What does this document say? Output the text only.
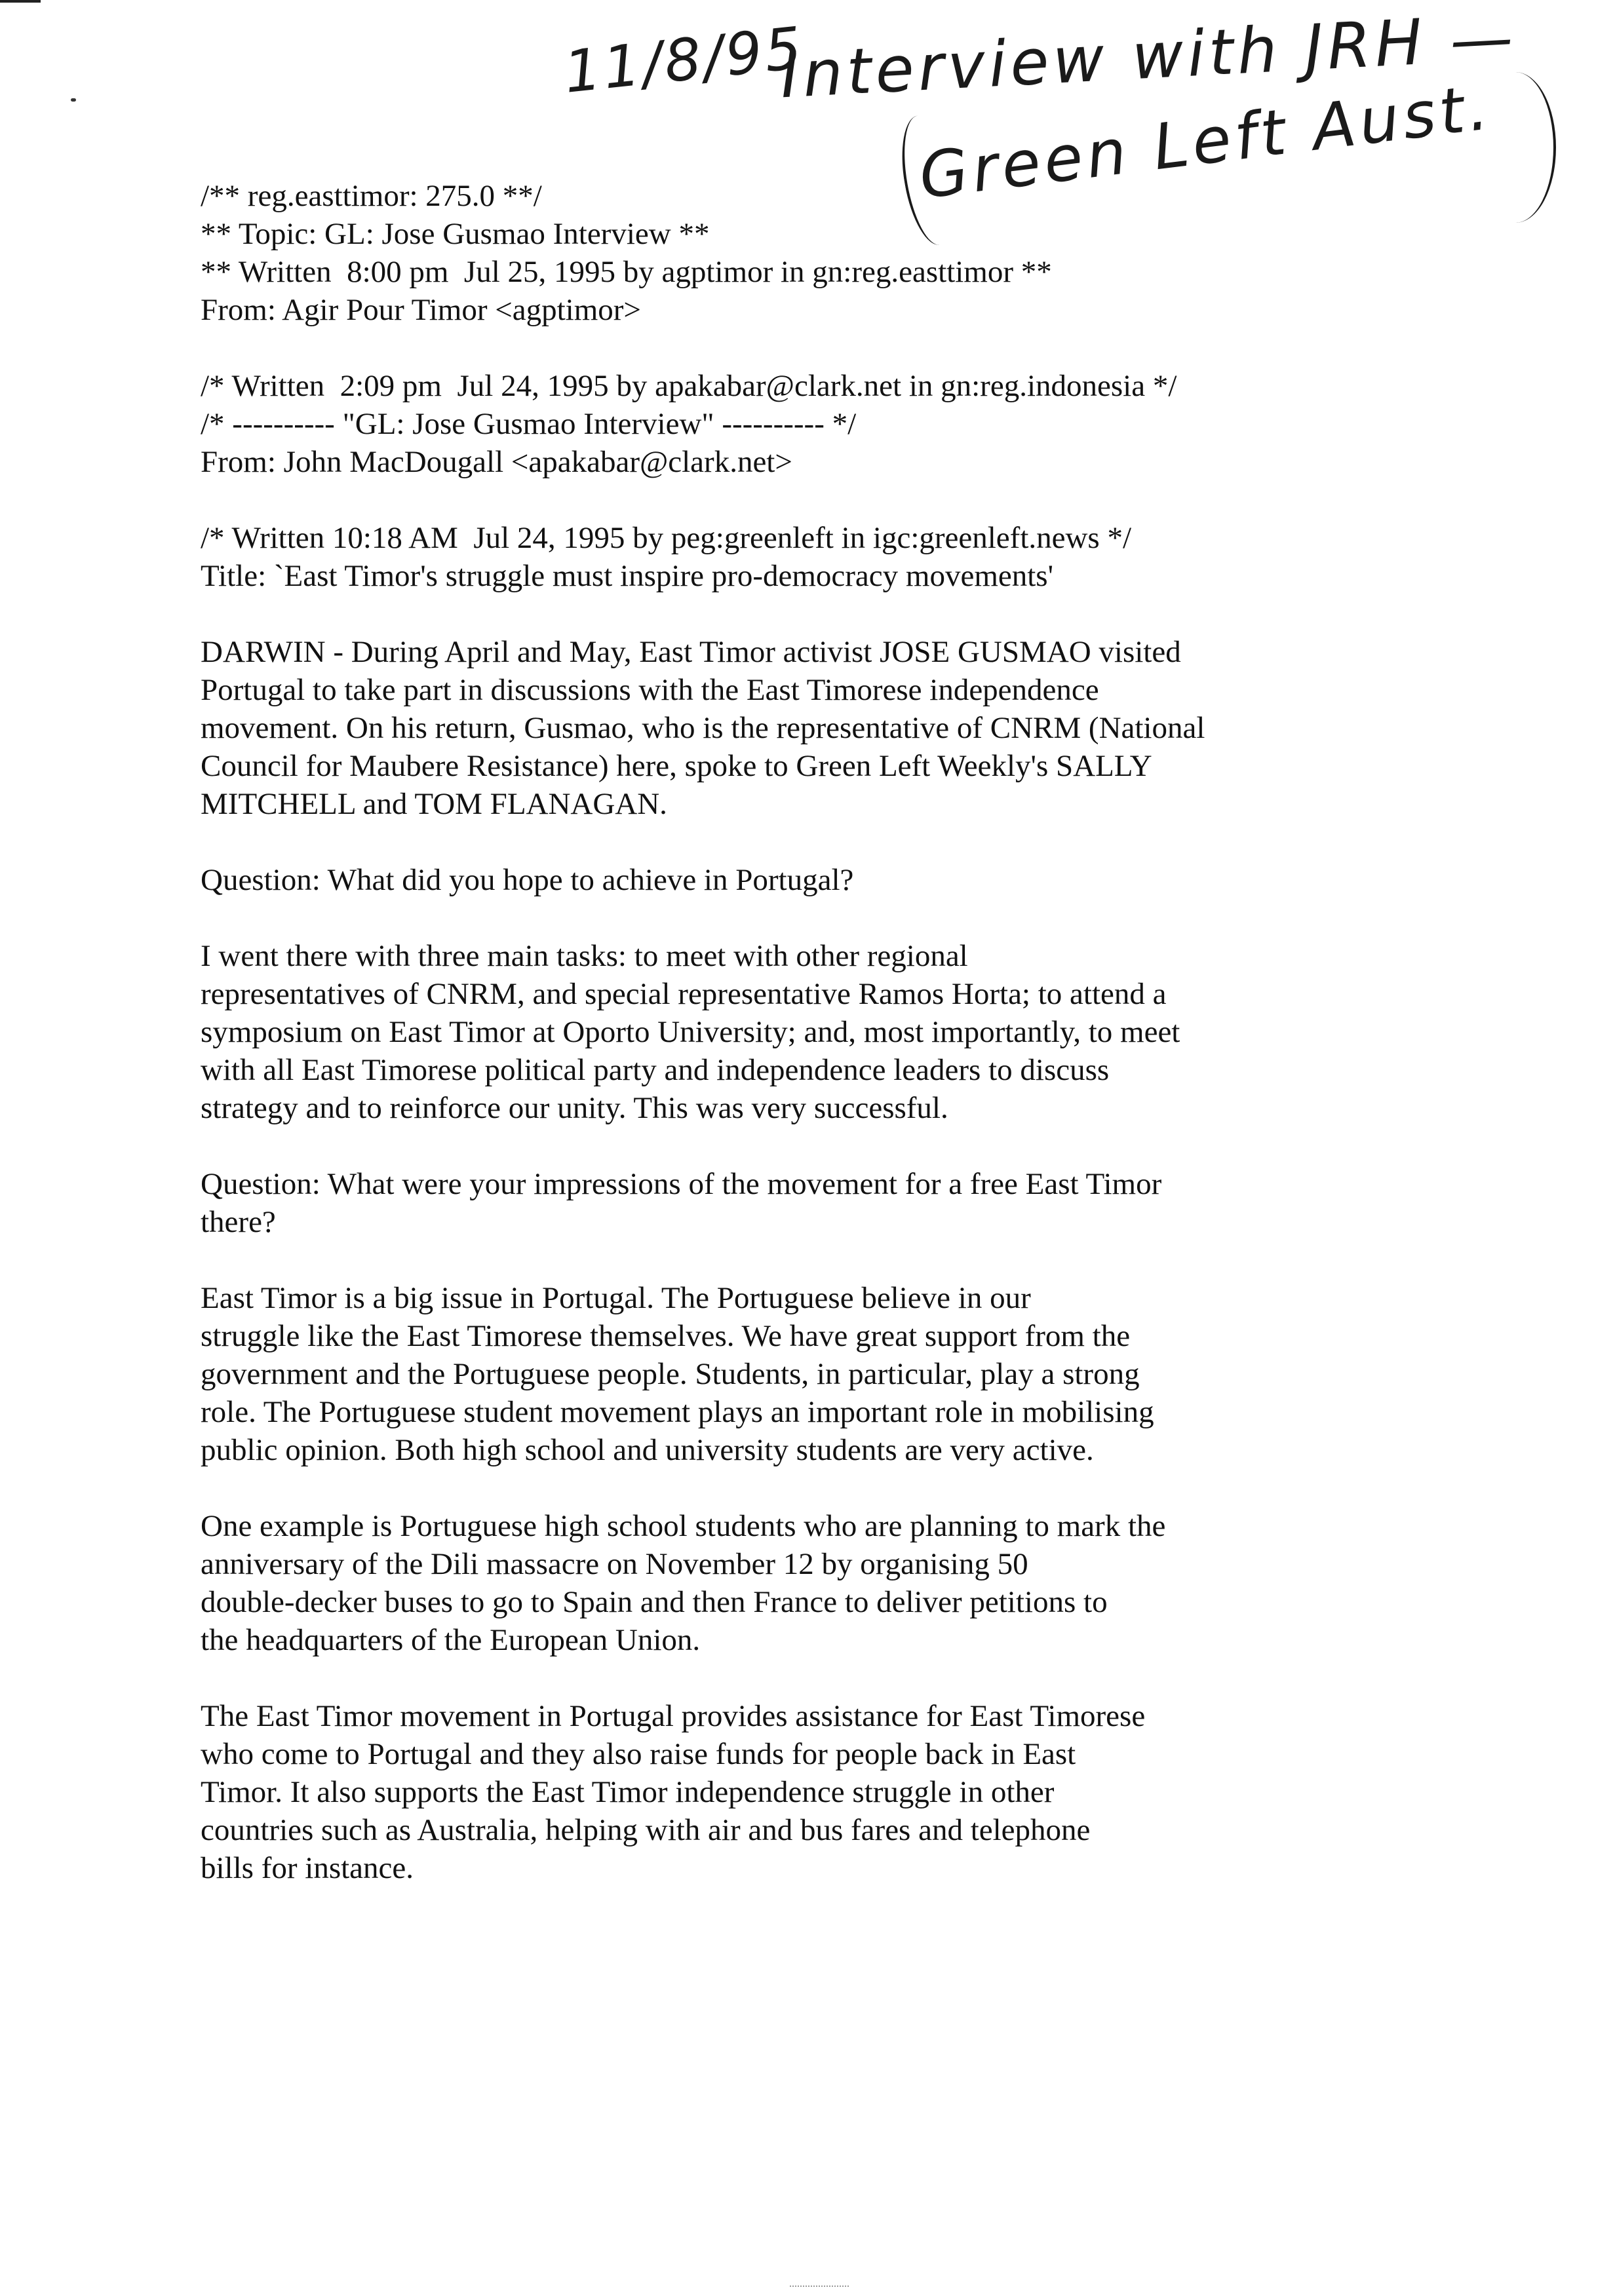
11/8/95
Interview with JRH —
Green Left Aust.

/** reg.easttimor: 275.0 **/

** Topic: GL: Jose Gusmao Interview **

** Written  8:00 pm  Jul 25, 1995 by agptimor in gn:reg.easttimor **

From: Agir Pour Timor <agptimor>

/* Written  2:09 pm  Jul 24, 1995 by apakabar@clark.net in gn:reg.indonesia */

/* ---------- "GL: Jose Gusmao Interview" ---------- */

From: John MacDougall <apakabar@clark.net>

/* Written 10:18 AM  Jul 24, 1995 by peg:greenleft in igc:greenleft.news */

Title: `East Timor's struggle must inspire pro-democracy movements'

DARWIN - During April and May, East Timor activist JOSE GUSMAO visited

Portugal to take part in discussions with the East Timorese independence

movement. On his return, Gusmao, who is the representative of CNRM (National

Council for Maubere Resistance) here, spoke to Green Left Weekly's SALLY

MITCHELL and TOM FLANAGAN.

Question: What did you hope to achieve in Portugal?

I went there with three main tasks: to meet with other regional

representatives of CNRM, and special representative Ramos Horta; to attend a

symposium on East Timor at Oporto University; and, most importantly, to meet

with all East Timorese political party and independence leaders to discuss

strategy and to reinforce our unity. This was very successful.

Question: What were your impressions of the movement for a free East Timor

there?

East Timor is a big issue in Portugal. The Portuguese believe in our

struggle like the East Timorese themselves. We have great support from the

government and the Portuguese people. Students, in particular, play a strong

role. The Portuguese student movement plays an important role in mobilising

public opinion. Both high school and university students are very active.

One example is Portuguese high school students who are planning to mark the

anniversary of the Dili massacre on November 12 by organising 50

double-decker buses to go to Spain and then France to deliver petitions to

the headquarters of the European Union.

The East Timor movement in Portugal provides assistance for East Timorese

who come to Portugal and they also raise funds for people back in East

Timor. It also supports the East Timor independence struggle in other

countries such as Australia, helping with air and bus fares and telephone

bills for instance.
